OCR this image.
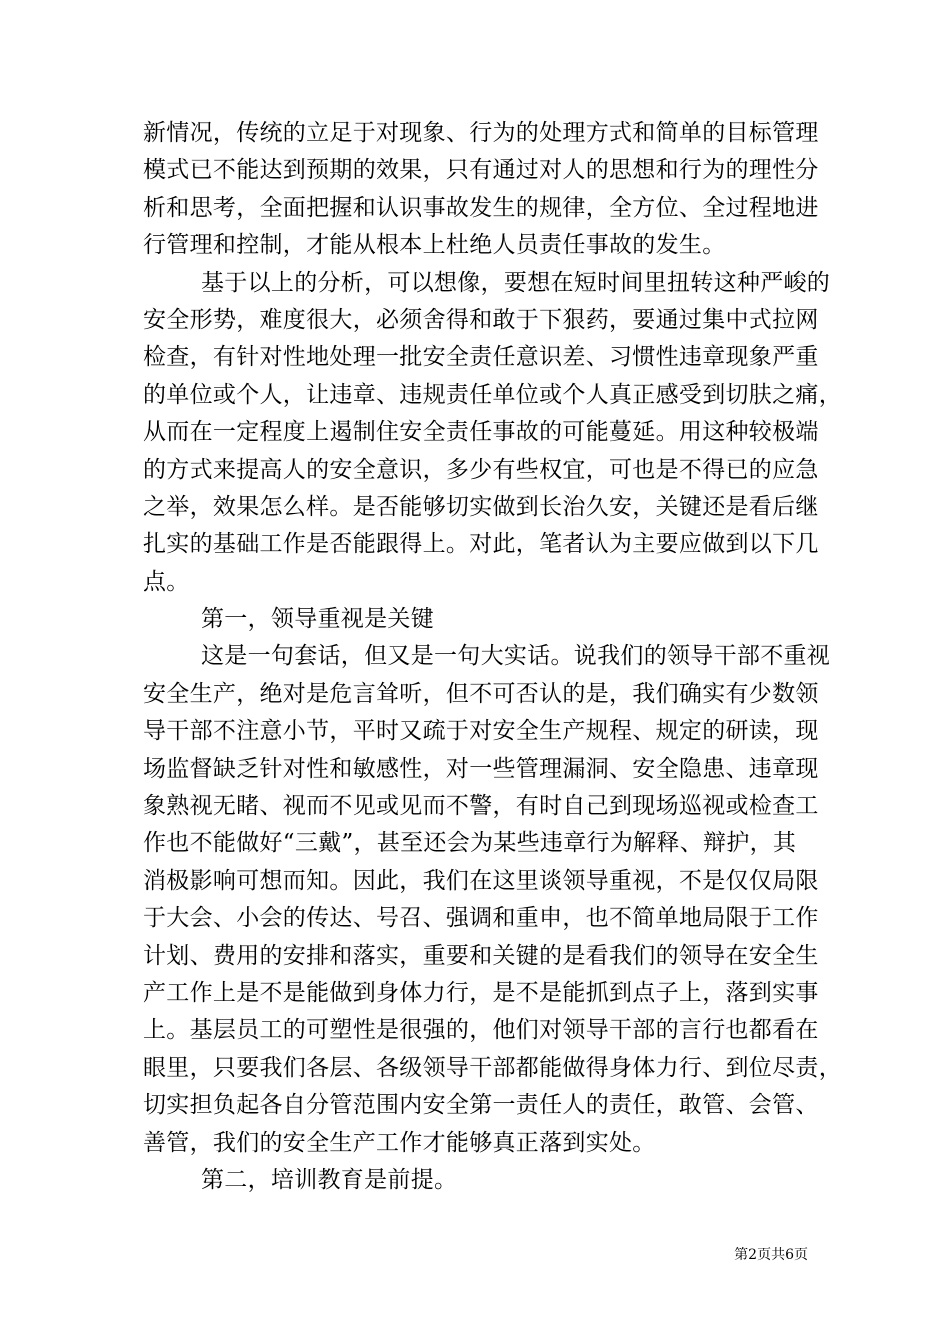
新情况，传统的立足于对现象、行为的处理方式和简单的目标管理
模式已不能达到预期的效果，只有通过对人的思想和行为的理性分
析和思考，全面把握和认识事故发生的规律，全方位、全过程地进
行管理和控制，才能从根本上杜绝人员责任事故的发生。
基于以上的分析，可以想像，要想在短时间里扭转这种严峻的
安全形势，难度很大，必须舍得和敢于下狠药，要通过集中式拉网
检查，有针对性地处理一批安全责任意识差、习惯性违章现象严重
的单位或个人，让违章、违规责任单位或个人真正感受到切肤之痛，
从而在一定程度上遏制住安全责任事故的可能蔓延。用这种较极端
的方式来提高人的安全意识，多少有些权宜，可也是不得已的应急
之举，效果怎么样。是否能够切实做到长治久安，关键还是看后继
扎实的基础工作是否能跟得上。对此，笔者认为主要应做到以下几
点。
第一，领导重视是关键
这是一句套话，但又是一句大实话。说我们的领导干部不重视
安全生产，绝对是危言耸听，但不可否认的是，我们确实有少数领
导干部不注意小节，平时又疏于对安全生产规程、规定的研读，现
场监督缺乏针对性和敏感性，对一些管理漏洞、安全隐患、违章现
象熟视无睹、视而不见或见而不警，有时自己到现场巡视或检查工
作也不能做好“三戴”，甚至还会为某些违章行为解释、辩护，其
消极影响可想而知。因此，我们在这里谈领导重视，不是仅仅局限
于大会、小会的传达、号召、强调和重申，也不简单地局限于工作
计划、费用的安排和落实，重要和关键的是看我们的领导在安全生
产工作上是不是能做到身体力行，是不是能抓到点子上，落到实事
上。基层员工的可塑性是很强的，他们对领导干部的言行也都看在
眼里，只要我们各层、各级领导干部都能做得身体力行、到位尽责，
切实担负起各自分管范围内安全第一责任人的责任，敢管、会管、
善管，我们的安全生产工作才能够真正落到实处。
第二，培训教育是前提。
第2页共6页
